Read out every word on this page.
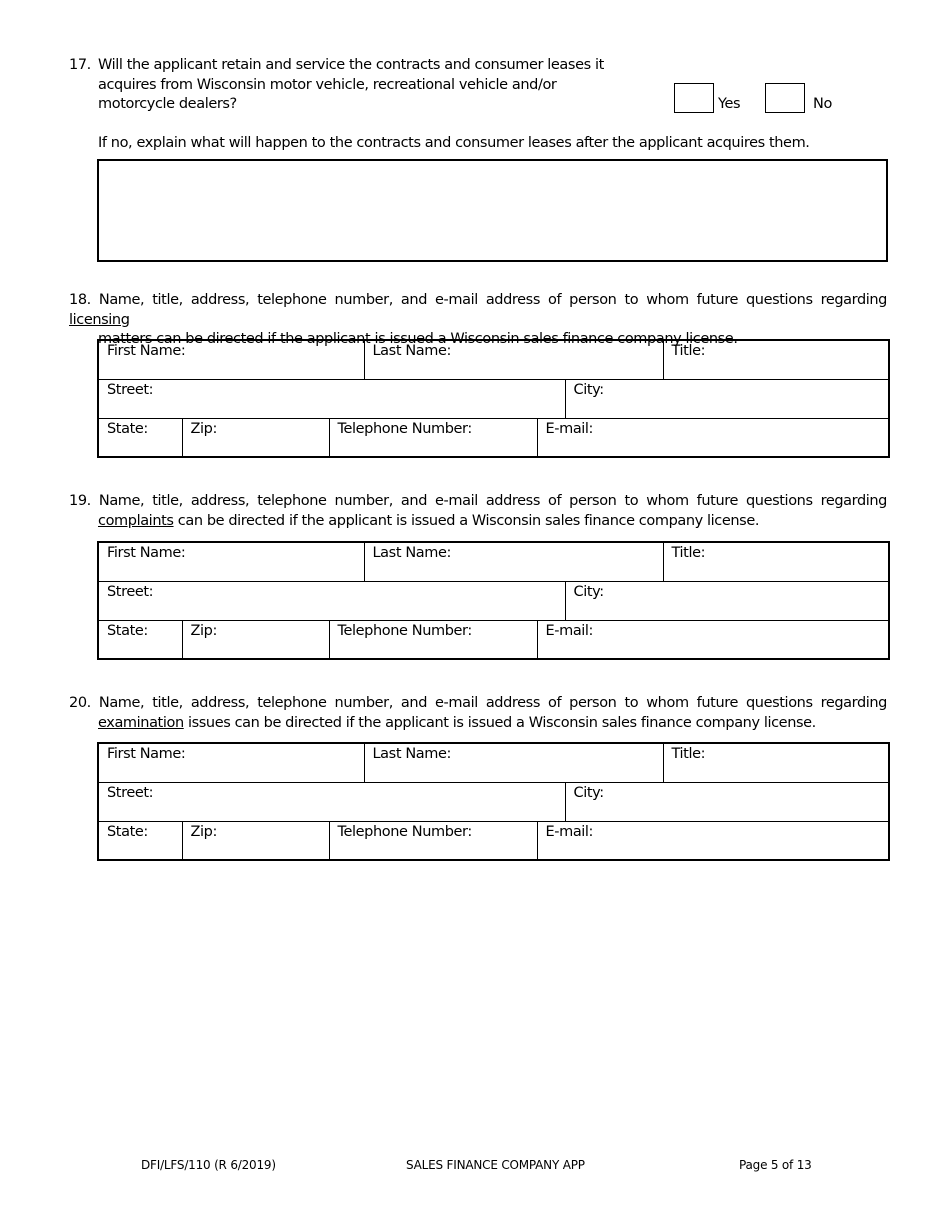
17. Will the applicant retain and service the contracts and consumer leases it
acquires from Wisconsin motor vehicle, recreational vehicle and/or
motorcycle dealers?	Yes	No
If no, explain what will happen to the contracts and consumer leases after the applicant acquires them.
18. Name, title, address, telephone number, and e-mail address of person to whom future questions regarding licensing
matters can be directed if the applicant is issued a Wisconsin sales finance company license.
First Name:			Last Name:			Title:
Street:					City:	
State:	Zip:	Telephone Number:		E-mail:		
19. Name, title, address, telephone number, and e-mail address of person to whom future questions regarding
complaints can be directed if the applicant is issued a Wisconsin sales finance company license.
First Name:			Last Name:			Title:
Street:					City:	
State:	Zip:	Telephone Number:		E-mail:		
20. Name, title, address, telephone number, and e-mail address of person to whom future questions regarding
examination issues can be directed if the applicant is issued a Wisconsin sales finance company license.
First Name:			Last Name:			Title:
Street:					City:	
State:	Zip:	Telephone Number:		E-mail:		
DFI/LFS/110 (R 6/2019)	SALES FINANCE COMPANY APP	Page 5 of 13
